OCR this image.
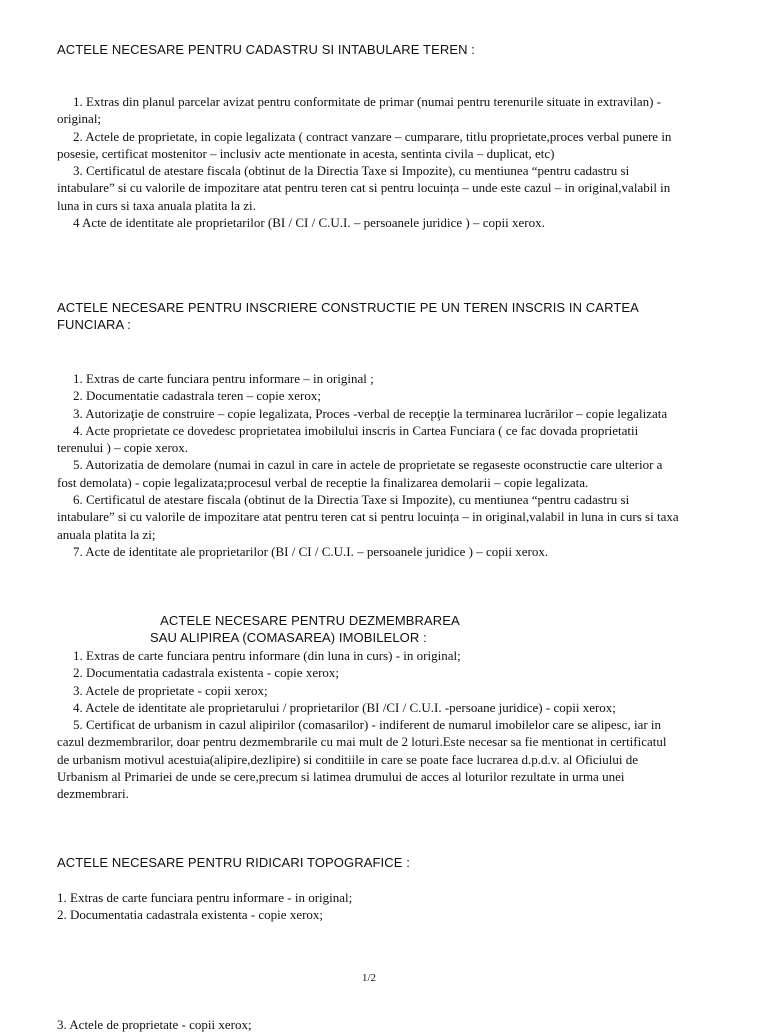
ACTELE NECESARE PENTRU CADASTRU SI INTABULARE TEREN :
1. Extras din planul parcelar avizat pentru conformitate de primar (numai pentru terenurile situate in extravilan) -original;
2. Actele de proprietate, in copie legalizata ( contract vanzare – cumparare, titlu proprietate,proces verbal punere in posesie, certificat mostenitor – inclusiv acte mentionate in acesta, sentinta civila – duplicat, etc)
3. Certificatul de atestare fiscala (obtinut de la Directia Taxe si Impozite), cu mentiunea “pentru cadastru si intabulare” si cu valorile de impozitare atat pentru teren cat si pentru locuința – unde este cazul – in original,valabil in luna in curs si taxa anuala platita la zi.
4 Acte de identitate ale proprietarilor (BI / CI / C.U.I. – persoanele juridice ) – copii xerox.
ACTELE NECESARE PENTRU INSCRIERE CONSTRUCTIE PE UN TEREN INSCRIS IN CARTEA FUNCIARA :
1. Extras de carte funciara pentru informare – in original ;
2. Documentatie cadastrala teren – copie xerox;
3. Autorizaţie de construire – copie legalizata, Proces -verbal de recepţie la terminarea lucrărilor – copie legalizata
4. Acte proprietate ce dovedesc proprietatea imobilului inscris in Cartea Funciara ( ce fac dovada proprietatii terenului ) – copie xerox.
5. Autorizatia de demolare (numai in cazul in care in actele de proprietate se regaseste oconstructie care ulterior a fost demolata) - copie legalizata;procesul verbal de receptie la finalizarea demolarii – copie legalizata.
6. Certificatul de atestare fiscala (obtinut de la Directia Taxe si Impozite), cu mentiunea “pentru cadastru si intabulare” si cu valorile de impozitare atat pentru teren cat si pentru locuința – in original,valabil in luna in curs si taxa anuala platita la zi;
7. Acte de identitate ale proprietarilor (BI / CI / C.U.I. – persoanele juridice ) – copii xerox.
ACTELE NECESARE PENTRU DEZMEMBRAREA
SAU ALIPIREA (COMASAREA) IMOBILELOR :
1. Extras de carte funciara pentru informare (din luna in curs) - in original;
2. Documentatia cadastrala existenta - copie xerox;
3. Actele de proprietate - copii xerox;
4. Actele de identitate ale proprietarului / proprietarilor (BI /CI / C.U.I. -persoane juridice) - copii xerox;
5. Certificat de urbanism in cazul alipirilor (comasarilor) - indiferent de numarul imobilelor care se alipesc, iar in cazul dezmembrarilor, doar pentru dezmembrarile cu mai mult de 2 loturi.Este necesar sa fie mentionat in certificatul de urbanism motivul acestuia(alipire,dezlipire) si conditiile in care se poate face lucrarea d.p.d.v. al Oficiului de Urbanism al Primariei de unde se cere,precum si latimea drumului de acces al loturilor rezultate in urma unei dezmembrari.
ACTELE NECESARE PENTRU RIDICARI TOPOGRAFICE :
1. Extras de carte funciara pentru informare - in original;
2. Documentatia cadastrala existenta - copie xerox;
1/2
3. Actele de proprietate - copii xerox;
